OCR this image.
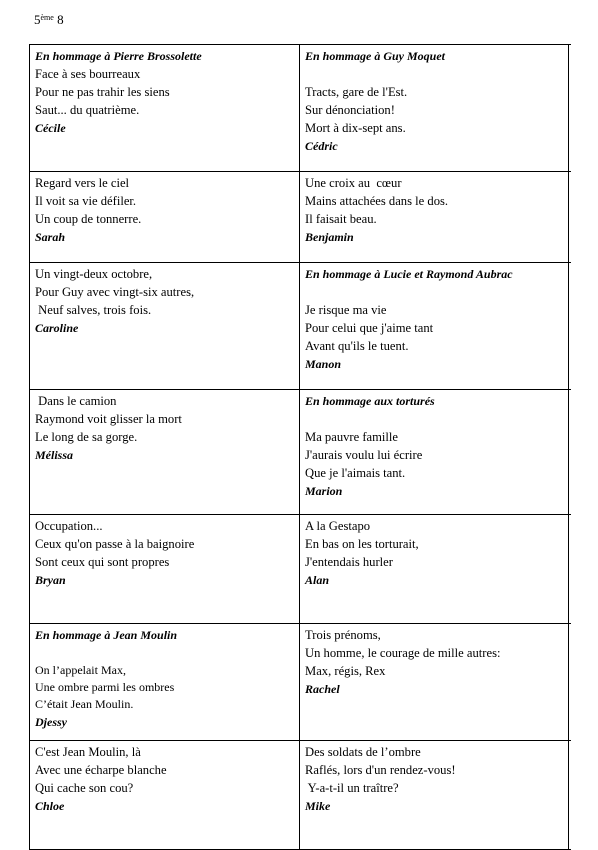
5ème 8
En hommage à Pierre Brossolette
Face à ses bourreaux
Pour ne pas trahir les siens
Saut... du quatrième.
Cécile
En hommage à Guy Moquet
Tracts, gare de l'Est.
Sur dénonciation!
Mort à dix-sept ans.
Cédric
Regard vers le ciel
Il voit sa vie défiler.
Un coup de tonnerre.
Sarah
Une croix au  cœur
Mains attachées dans le dos.
Il faisait beau.
Benjamin
Un vingt-deux octobre,
Pour Guy avec vingt-six autres,
Neuf salves, trois fois.
Caroline
En hommage à Lucie et Raymond Aubrac
Je risque ma vie
Pour celui que j'aime tant
Avant qu'ils le tuent.
Manon
Dans le camion
Raymond voit glisser la mort
Le long de sa gorge.
Mélissa
En hommage aux torturés
Ma pauvre famille
J'aurais voulu lui écrire
Que je l'aimais tant.
Marion
Occupation...
Ceux qu'on passe à la baignoire
Sont ceux qui sont propres
Bryan
A la Gestapo
En bas on les torturait,
J'entendais hurler
Alan
En hommage à Jean Moulin
On l’appelait Max,
Une ombre parmi les ombres
C’était Jean Moulin.
Djessy
Trois prénoms,
Un homme, le courage de mille autres:
Max, régis, Rex
Rachel
C'est Jean Moulin, là
Avec une écharpe blanche
Qui cache son cou?
Chloe
Des soldats de l’ombre
Raflés, lors d'un rendez-vous!
Y-a-t-il un traître?
Mike
